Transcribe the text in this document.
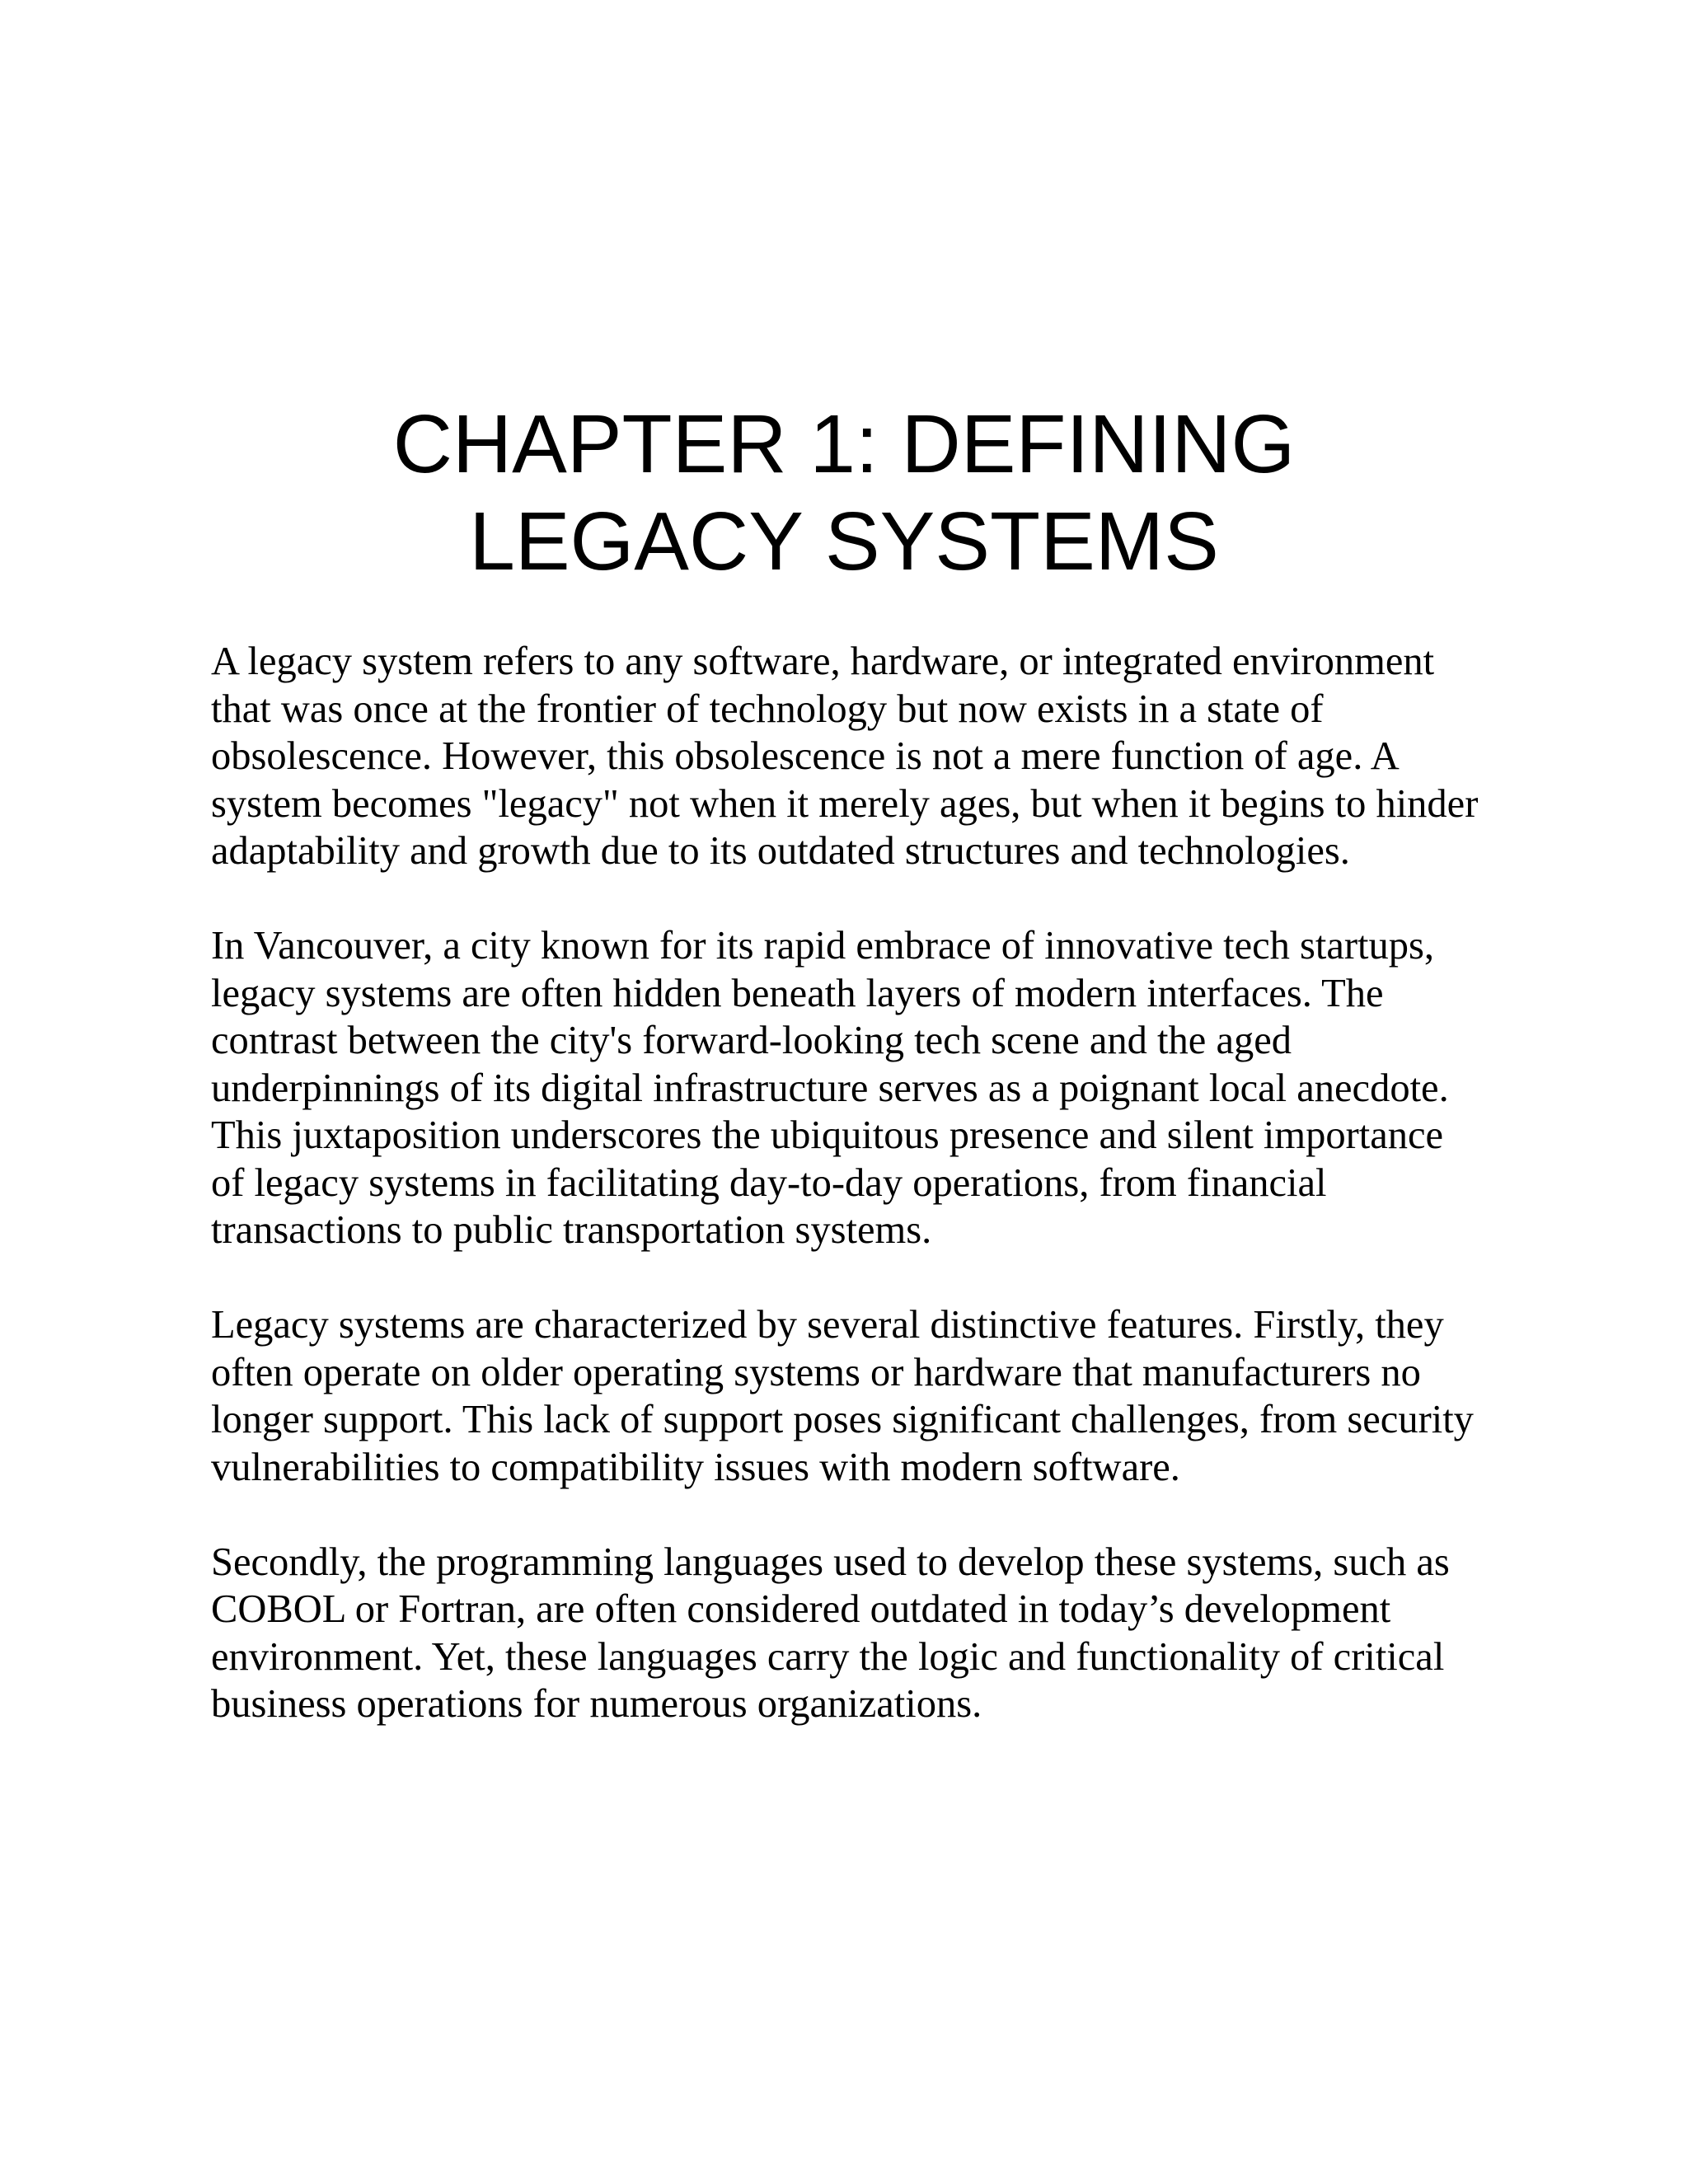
CHAPTER 1: DEFINING
LEGACY SYSTEMS

A legacy system refers to any software, hardware, or integrated environment that was once at the frontier of technology but now exists in a state of obsolescence. However, this obsolescence is not a mere function of age. A system becomes "legacy" not when it merely ages, but when it begins to hinder adaptability and growth due to its outdated structures and technologies.

In Vancouver, a city known for its rapid embrace of innovative tech startups, legacy systems are often hidden beneath layers of modern interfaces. The contrast between the city's forward-looking tech scene and the aged underpinnings of its digital infrastructure serves as a poignant local anecdote. This juxtaposition underscores the ubiquitous presence and silent importance of legacy systems in facilitating day-to-day operations, from financial transactions to public transportation systems.

Legacy systems are characterized by several distinctive features. Firstly, they often operate on older operating systems or hardware that manufacturers no longer support. This lack of support poses significant challenges, from security vulnerabilities to compatibility issues with modern software.

Secondly, the programming languages used to develop these systems, such as COBOL or Fortran, are often considered outdated in today’s development environment. Yet, these languages carry the logic and functionality of critical business operations for numerous organizations.
